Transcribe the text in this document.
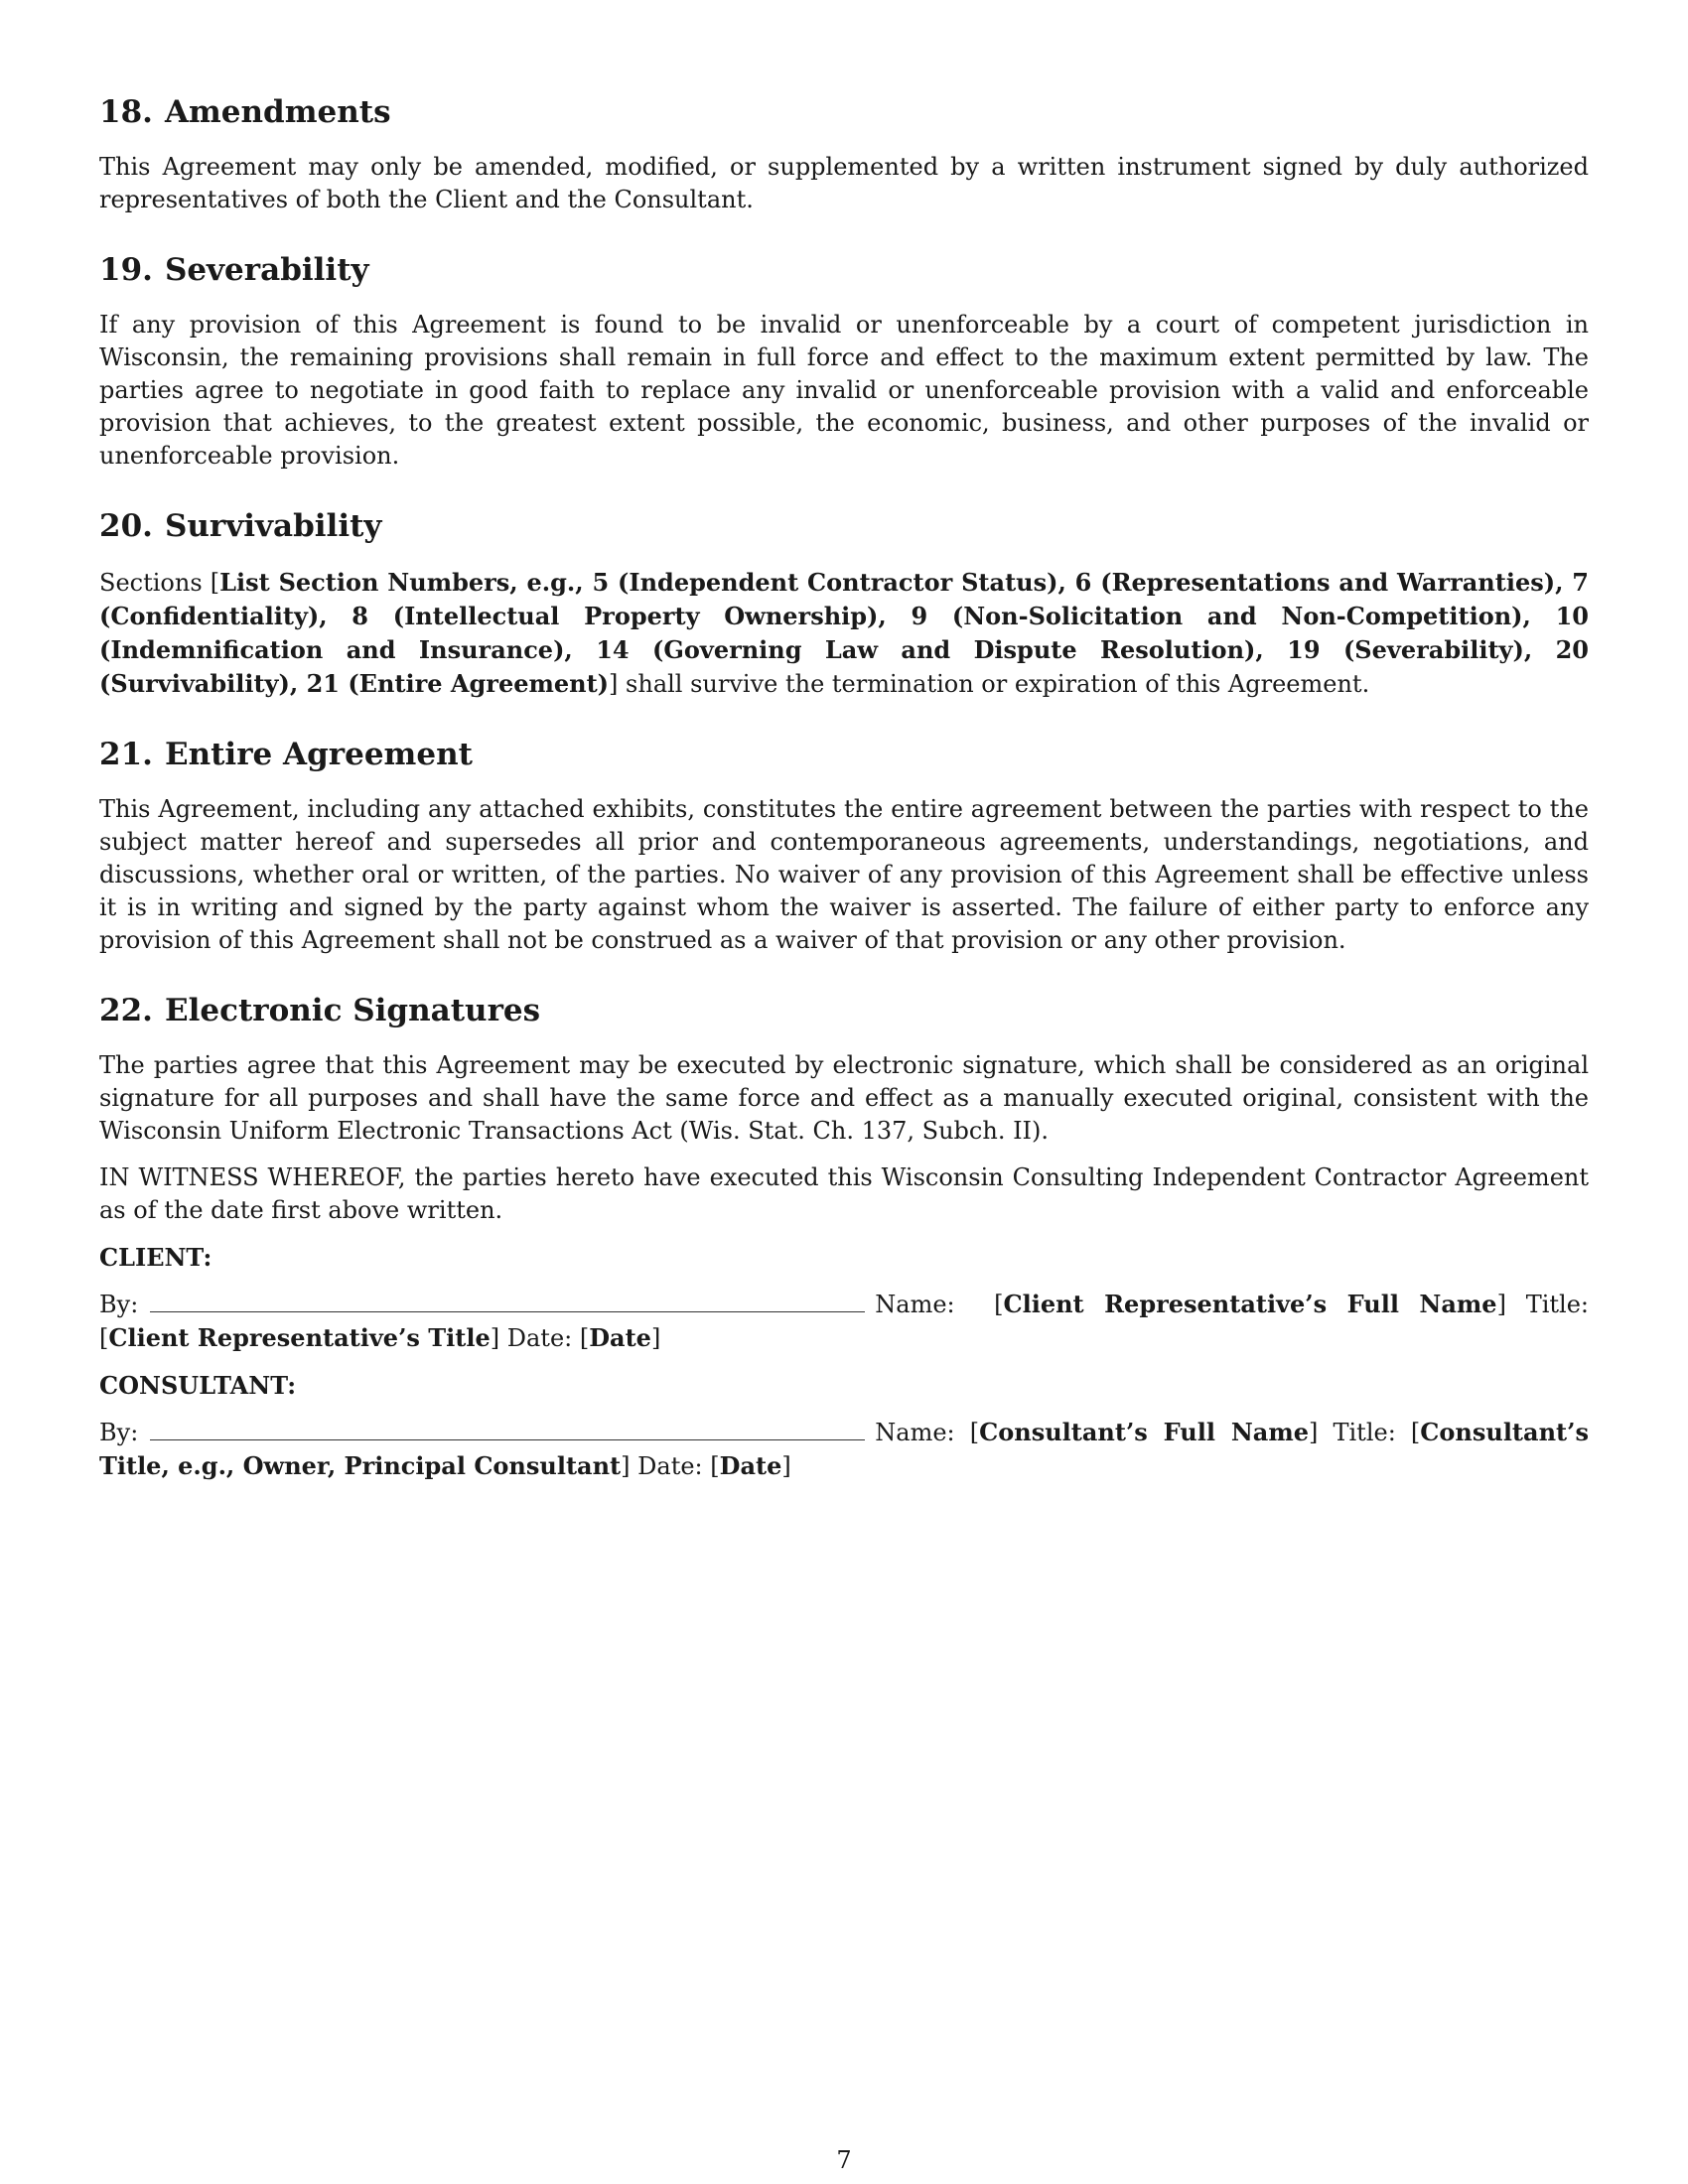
18. Amendments

This Agreement may only be amended, modified, or supplemented by a written instrument signed by duly authorized representatives of both the Client and the Consultant.

19. Severability

If any provision of this Agreement is found to be invalid or unenforceable by a court of competent jurisdiction in Wisconsin, the remaining provisions shall remain in full force and effect to the maximum extent permitted by law. The parties agree to negotiate in good faith to replace any invalid or unenforceable provision with a valid and enforceable provision that achieves, to the greatest extent possible, the economic, business, and other purposes of the invalid or unenforceable provision.

20. Survivability

Sections [List Section Numbers, e.g., 5 (Independent Contractor Status), 6 (Representations and Warranties), 7 (Confidentiality), 8 (Intellectual Property Ownership), 9 (Non-Solicitation and Non-Competition), 10 (Indemnification and Insurance), 14 (Governing Law and Dispute Resolution), 19 (Severability), 20 (Survivability), 21 (Entire Agreement)] shall survive the termination or expiration of this Agreement.

21. Entire Agreement

This Agreement, including any attached exhibits, constitutes the entire agreement between the parties with respect to the subject matter hereof and supersedes all prior and contemporaneous agreements, understandings, negotiations, and discussions, whether oral or written, of the parties. No waiver of any provision of this Agreement shall be effective unless it is in writing and signed by the party against whom the waiver is asserted. The failure of either party to enforce any provision of this Agreement shall not be construed as a waiver of that provision or any other provision.

22. Electronic Signatures

The parties agree that this Agreement may be executed by electronic signature, which shall be considered as an original signature for all purposes and shall have the same force and effect as a manually executed original, consistent with the Wisconsin Uniform Electronic Transactions Act (Wis. Stat. Ch. 137, Subch. II).

IN WITNESS WHEREOF, the parties hereto have executed this Wisconsin Consulting Independent Contractor Agreement as of the date first above written.

CLIENT:

By:	Name:  [Client Representative’s Full Name] Title: [Client Representative’s Title] Date: [Date]

CONSULTANT:

By:	Name: [Consultant’s Full Name] Title: [Consultant’s Title, e.g., Owner, Principal Consultant] Date: [Date]

7
